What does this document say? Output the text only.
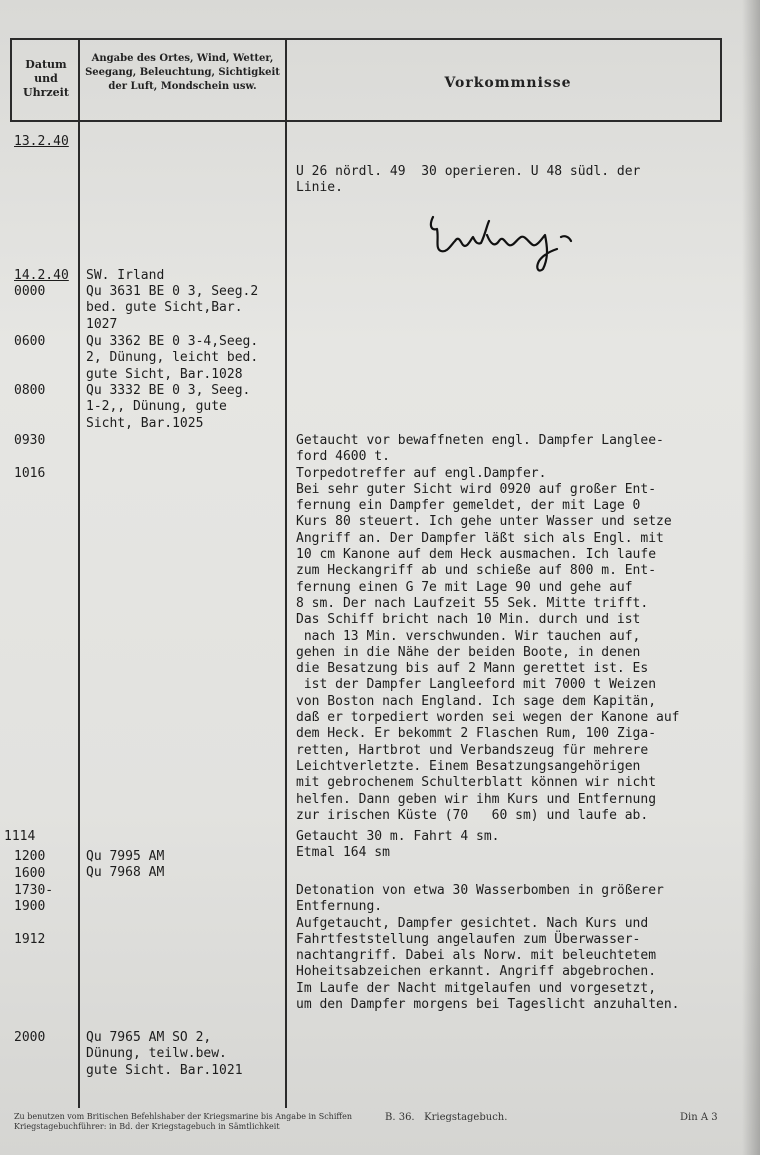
Datum
und
Uhrzeit
Angabe des Ortes, Wind, Wetter,
Seegang, Beleuchtung, Sichtigkeit
der Luft, Mondschein usw.	Vorkommnisse
13.2.40
14.2.40
0000
0600
0800
0930
1016
1114
1200
1600
1730-
1900
1912
2000
SW. Irland
Qu 3631 BE 0 3, Seeg.2
bed. gute Sicht,Bar.
1027
Qu 3362 BE 0 3-4,Seeg.
2, Dünung, leicht bed.
gute Sicht, Bar.1028
Qu 3332 BE 0 3, Seeg.
1-2,, Dünung, gute
Sicht, Bar.1025
Qu 7995 AM
Qu 7968 AM
Qu 7965 AM SO 2,
Dünung, teilw.bew.
gute Sicht. Bar.1021
U 26 nördl. 49  30 operieren. U 48 südl. der
Linie.
Getaucht vor bewaffneten engl. Dampfer Langlee-
ford 4600 t.
Torpedotreffer auf engl.Dampfer.
Bei sehr guter Sicht wird 0920 auf großer Ent-
fernung ein Dampfer gemeldet, der mit Lage 0
Kurs 80 steuert. Ich gehe unter Wasser und setze
Angriff an. Der Dampfer läßt sich als Engl. mit
10 cm Kanone auf dem Heck ausmachen. Ich laufe
zum Heckangriff ab und schieße auf 800 m. Ent-
fernung einen G 7e mit Lage 90 und gehe auf
8 sm. Der nach Laufzeit 55 Sek. Mitte trifft.
Das Schiff bricht nach 10 Min. durch und ist
nach 13 Min. verschwunden. Wir tauchen auf,
gehen in die Nähe der beiden Boote, in denen
die Besatzung bis auf 2 Mann gerettet ist. Es
ist der Dampfer Langleeford mit 7000 t Weizen
von Boston nach England. Ich sage dem Kapitän,
daß er torpediert worden sei wegen der Kanone auf
dem Heck. Er bekommt 2 Flaschen Rum, 100 Ziga-
retten, Hartbrot und Verbandszeug für mehrere
Leichtverletzte. Einem Besatzungsangehörigen
mit gebrochenem Schulterblatt können wir nicht
helfen. Dann geben wir ihm Kurs und Entfernung
zur irischen Küste (70   60 sm) und laufe ab.
Getaucht 30 m. Fahrt 4 sm.
Etmal 164 sm
Detonation von etwa 30 Wasserbomben in größerer
Entfernung.
Aufgetaucht, Dampfer gesichtet. Nach Kurs und
Fahrtfeststellung angelaufen zum Überwasser-
nachtangriff. Dabei als Norw. mit beleuchtetem
Hoheitsabzeichen erkannt. Angriff abgebrochen.
Im Laufe der Nacht mitgelaufen und vorgesetzt,
um den Dampfer morgens bei Tageslicht anzuhalten.
Zu benutzen vom Britischen Befehlshaber der Kriegsmarine bis Angabe in Schiffen
Kriegstagebuchführer: in Bd. der Kriegstagebuch in Sämtlichkeit
B. 36.   Kriegstagebuch.	Din A 3
